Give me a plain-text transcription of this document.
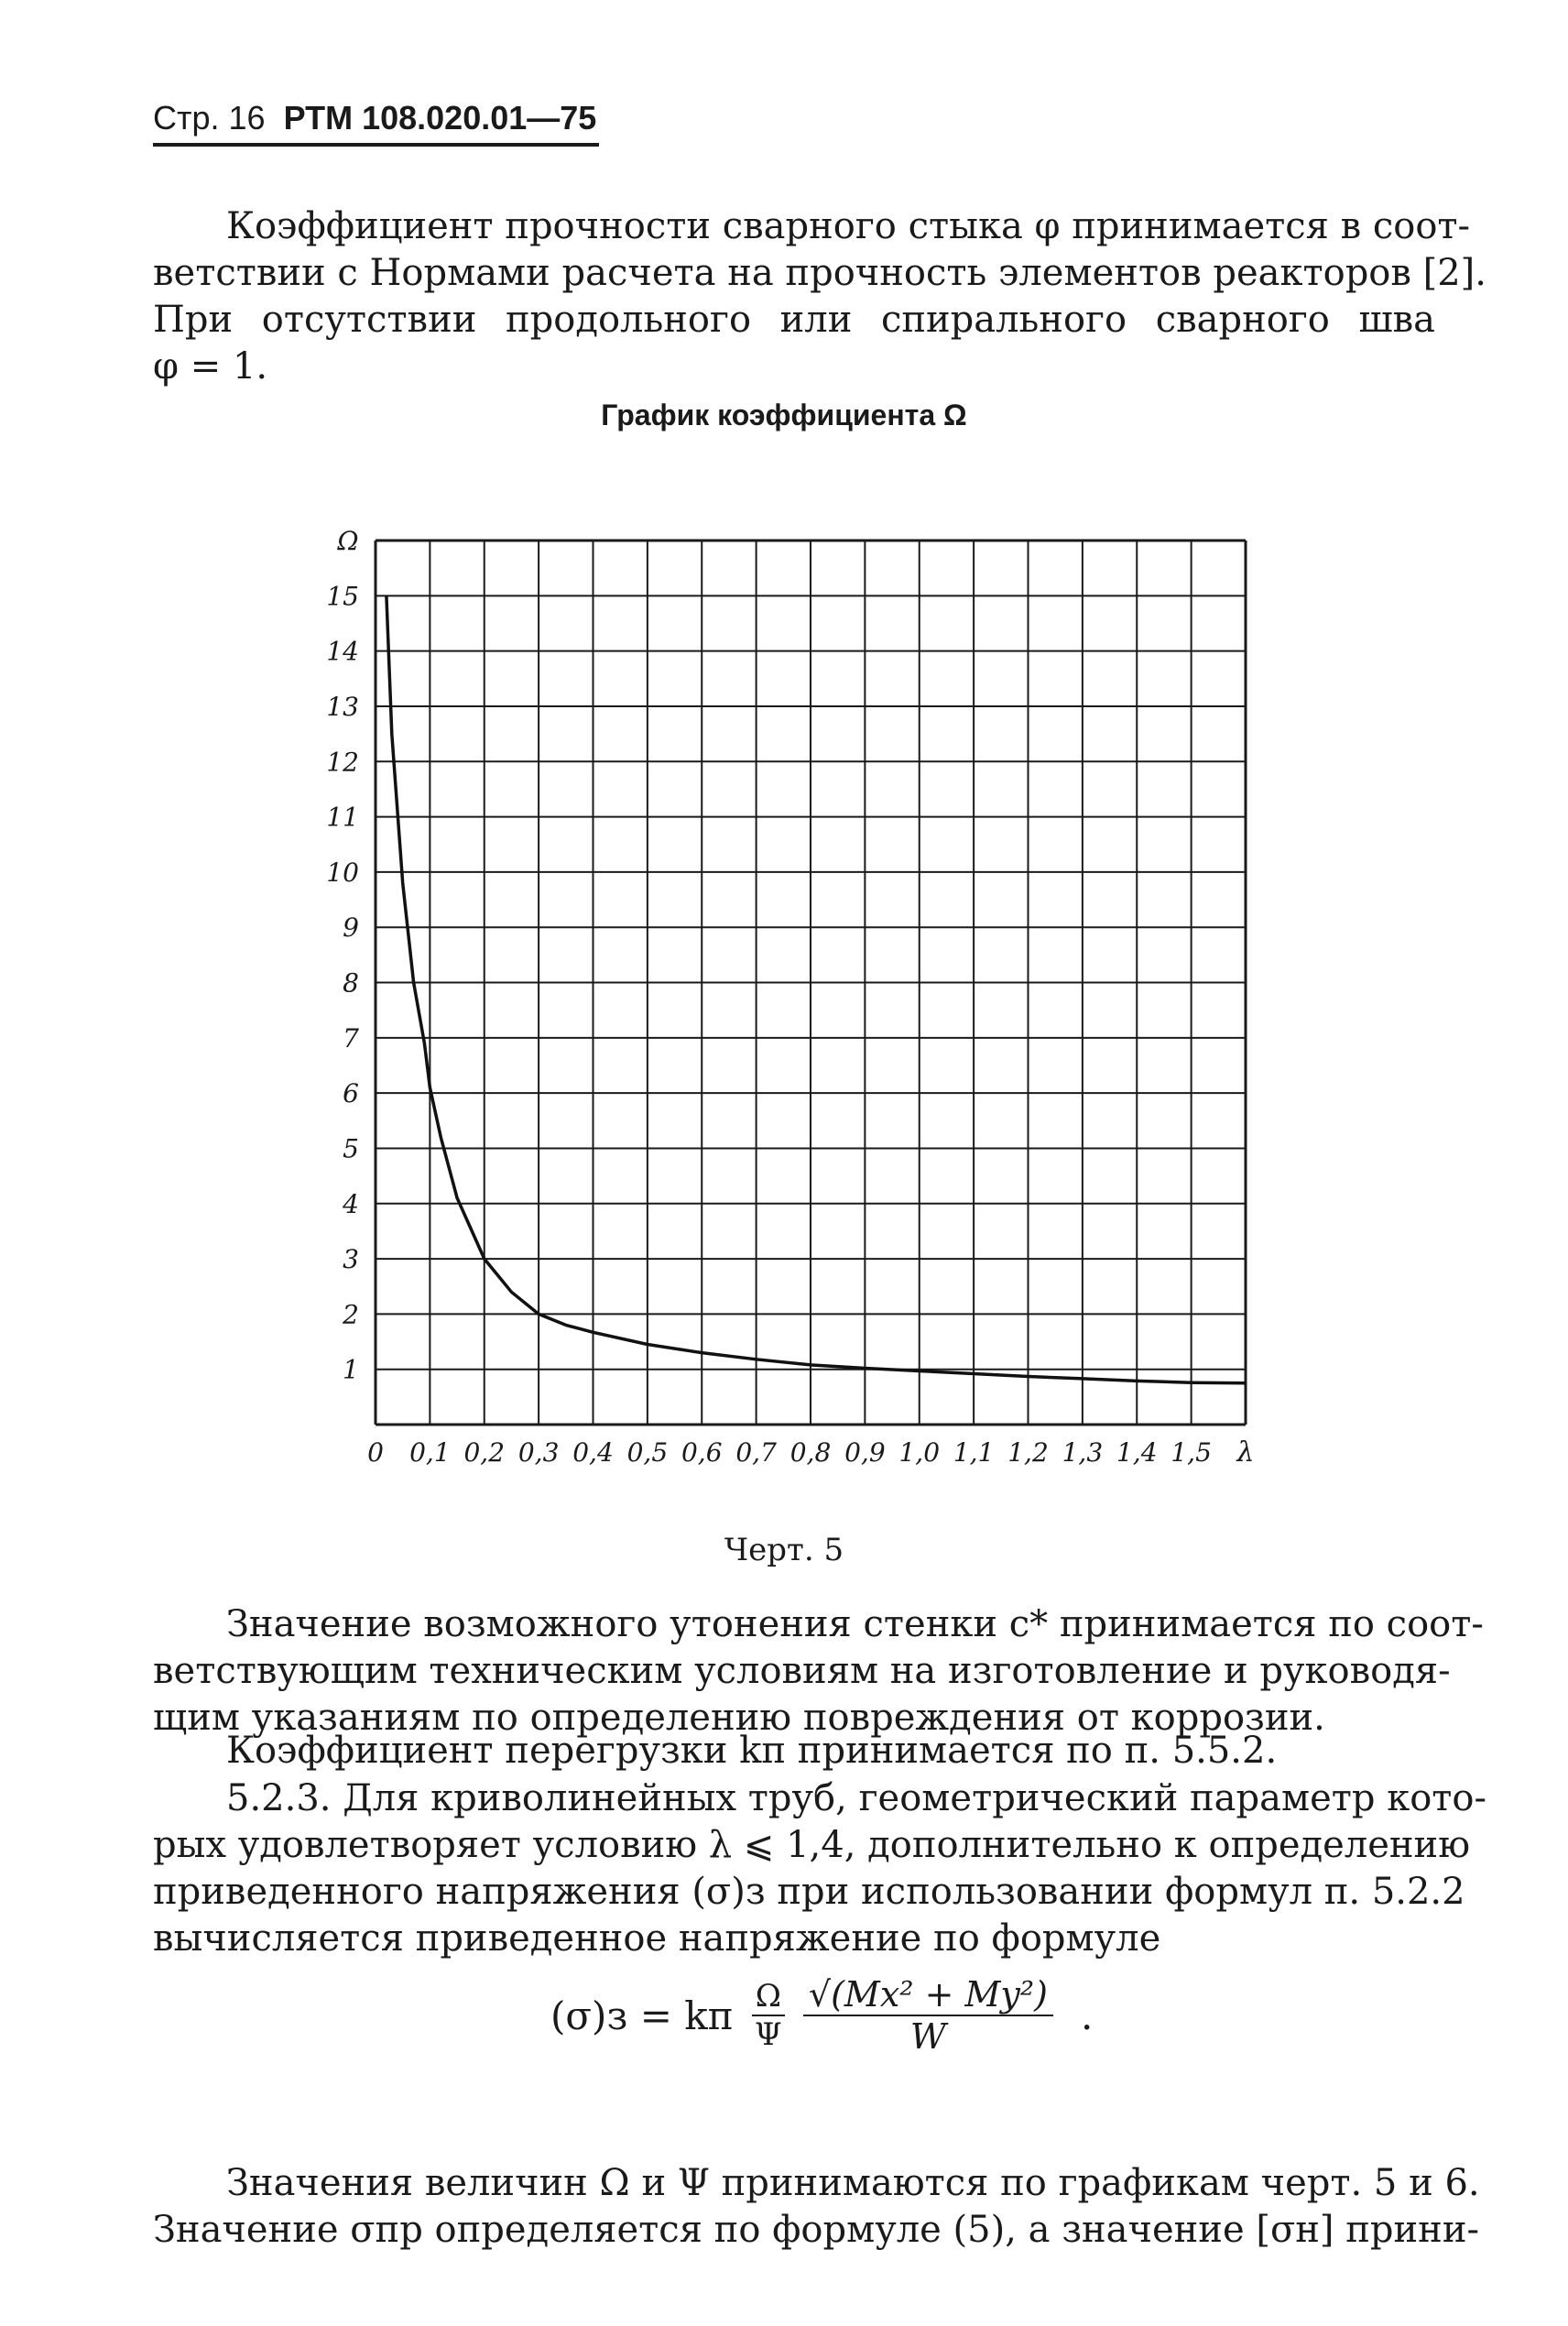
Стр. 16 РТМ 108.020.01—75
Коэффициент прочности сварного стыка φ принимается в соот-
ветствии с Нормами расчета на прочность элементов реакторов [2].
При отсутствии продольного или спирального сварного шва
φ = 1.
График коэффициента Ω
1
2
3
4
5
6
7
8
9
10
11
12
13
14
15
Ω
0 0,1 0,2 0,3 0,4 0,5 0,6 0,7 0,8 0,9 1,0 1,1 1,2 1,3 1,4 1,5 λ
Черт. 5
Значение возможного утонения стенки c* принимается по соот-
ветствующим техническим условиям на изготовление и руководя-
щим указаниям по определению повреждения от коррозии.
Коэффициент перегрузки kп принимается по п. 5.5.2.
5.2.3. Для криволинейных труб, геометрический параметр кото-
рых удовлетворяет условию λ ⩽ 1,4, дополнительно к определению
приведенного напряжения (σ)з при использовании формул п. 5.2.2
вычисляется приведенное напряжение по формуле
(σ)з = kп	Ω
Ψ

√(Mx² + My²)
W	.
Значения величин Ω и Ψ принимаются по графикам черт. 5 и 6.
Значение σпр определяется по формуле (5), а значение [σн] прини-
